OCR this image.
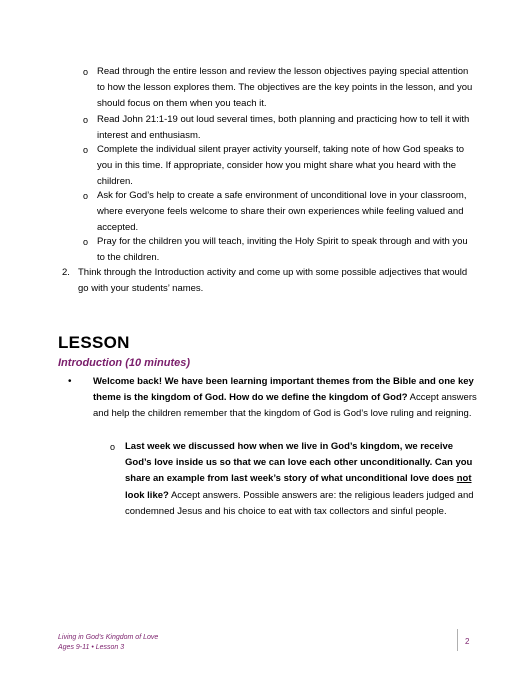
o Read through the entire lesson and review the lesson objectives paying special attention to how the lesson explores them. The objectives are the key points in the lesson, and you should focus on them when you teach it.
o Read John 21:1-19 out loud several times, both planning and practicing how to tell it with interest and enthusiasm.
o Complete the individual silent prayer activity yourself, taking note of how God speaks to you in this time. If appropriate, consider how you might share what you heard with the children.
o Ask for God’s help to create a safe environment of unconditional love in your classroom, where everyone feels welcome to share their own experiences while feeling valued and accepted.
o Pray for the children you will teach, inviting the Holy Spirit to speak through and with you to the children.
2. Think through the Introduction activity and come up with some possible adjectives that would go with your students’ names.
LESSON
Introduction (10 minutes)
• Welcome back! We have been learning important themes from the Bible and one key theme is the kingdom of God. How do we define the kingdom of God? Accept answers and help the children remember that the kingdom of God is God’s love ruling and reigning.
o Last week we discussed how when we live in God’s kingdom, we receive God’s love inside us so that we can love each other unconditionally. Can you share an example from last week’s story of what unconditional love does not look like? Accept answers. Possible answers are: the religious leaders judged and condemned Jesus and his choice to eat with tax collectors and sinful people.
Living in God’s Kingdom of Love
Ages 9-11 • Lesson 3
2
